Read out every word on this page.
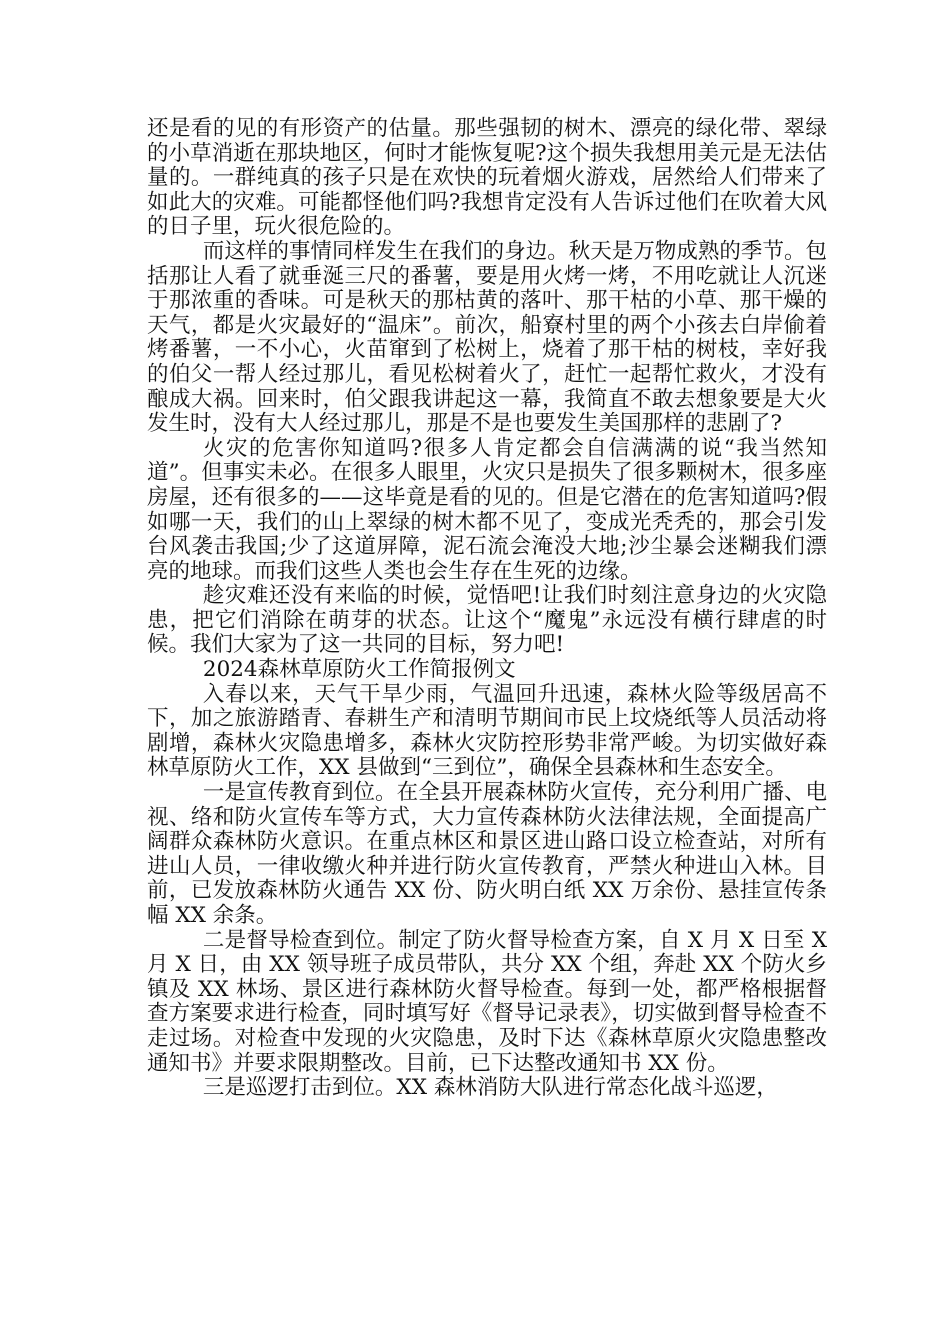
还是看的见的有形资产的估量。那些强韧的树木、漂亮的绿化带、翠绿的小草消逝在那块地区，何时才能恢复呢?这个损失我想用美元是无法估量的。一群纯真的孩子只是在欢快的玩着烟火游戏，居然给人们带来了如此大的灾难。可能都怪他们吗?我想肯定没有人告诉过他们在吹着大风的日子里，玩火很危险的。

而这样的事情同样发生在我们的身边。秋天是万物成熟的季节。包括那让人看了就垂涎三尺的番薯，要是用火烤一烤，不用吃就让人沉迷于那浓重的香味。可是秋天的那枯黄的落叶、那干枯的小草、那干燥的天气，都是火灾最好的“温床”。前次，船寮村里的两个小孩去白岸偷着烤番薯，一不小心，火苗窜到了松树上，烧着了那干枯的树枝，幸好我的伯父一帮人经过那儿，看见松树着火了，赶忙一起帮忙救火，才没有酿成大祸。回来时，伯父跟我讲起这一幕，我简直不敢去想象要是大火发生时，没有大人经过那儿，那是不是也要发生美国那样的悲剧了?

火灾的危害你知道吗?很多人肯定都会自信满满的说“我当然知道”。但事实未必。在很多人眼里，火灾只是损失了很多颗树木，很多座房屋，还有很多的——这毕竟是看的见的。但是它潜在的危害知道吗?假如哪一天，我们的山上翠绿的树木都不见了，变成光秃秃的，那会引发台风袭击我国;少了这道屏障，泥石流会淹没大地;沙尘暴会迷糊我们漂亮的地球。而我们这些人类也会生存在生死的边缘。

趁灾难还没有来临的时候，觉悟吧!让我们时刻注意身边的火灾隐患，把它们消除在萌芽的状态。让这个“魔鬼”永远没有横行肆虐的时候。我们大家为了这一共同的目标，努力吧!

2024森林草原防火工作简报例文

入春以来，天气干旱少雨，气温回升迅速，森林火险等级居高不下，加之旅游踏青、春耕生产和清明节期间市民上坟烧纸等人员活动将剧增，森林火灾隐患增多，森林火灾防控形势非常严峻。为切实做好森林草原防火工作，XX 县做到“三到位”，确保全县森林和生态安全。

一是宣传教育到位。在全县开展森林防火宣传，充分利用广播、电视、络和防火宣传车等方式，大力宣传森林防火法律法规，全面提高广阔群众森林防火意识。在重点林区和景区进山路口设立检查站，对所有进山人员，一律收缴火种并进行防火宣传教育，严禁火种进山入林。目前，已发放森林防火通告 XX 份、防火明白纸 XX 万余份、悬挂宣传条幅 XX 余条。

二是督导检查到位。制定了防火督导检查方案，自 X 月 X 日至 X 月 X 日，由 XX 领导班子成员带队，共分 XX 个组，奔赴 XX 个防火乡镇及 XX 林场、景区进行森林防火督导检查。每到一处，都严格根据督查方案要求进行检查，同时填写好《督导记录表》，切实做到督导检查不走过场。对检查中发现的火灾隐患，及时下达《森林草原火灾隐患整改通知书》并要求限期整改。目前，已下达整改通知书 XX 份。

三是巡逻打击到位。XX 森林消防大队进行常态化战斗巡逻，
